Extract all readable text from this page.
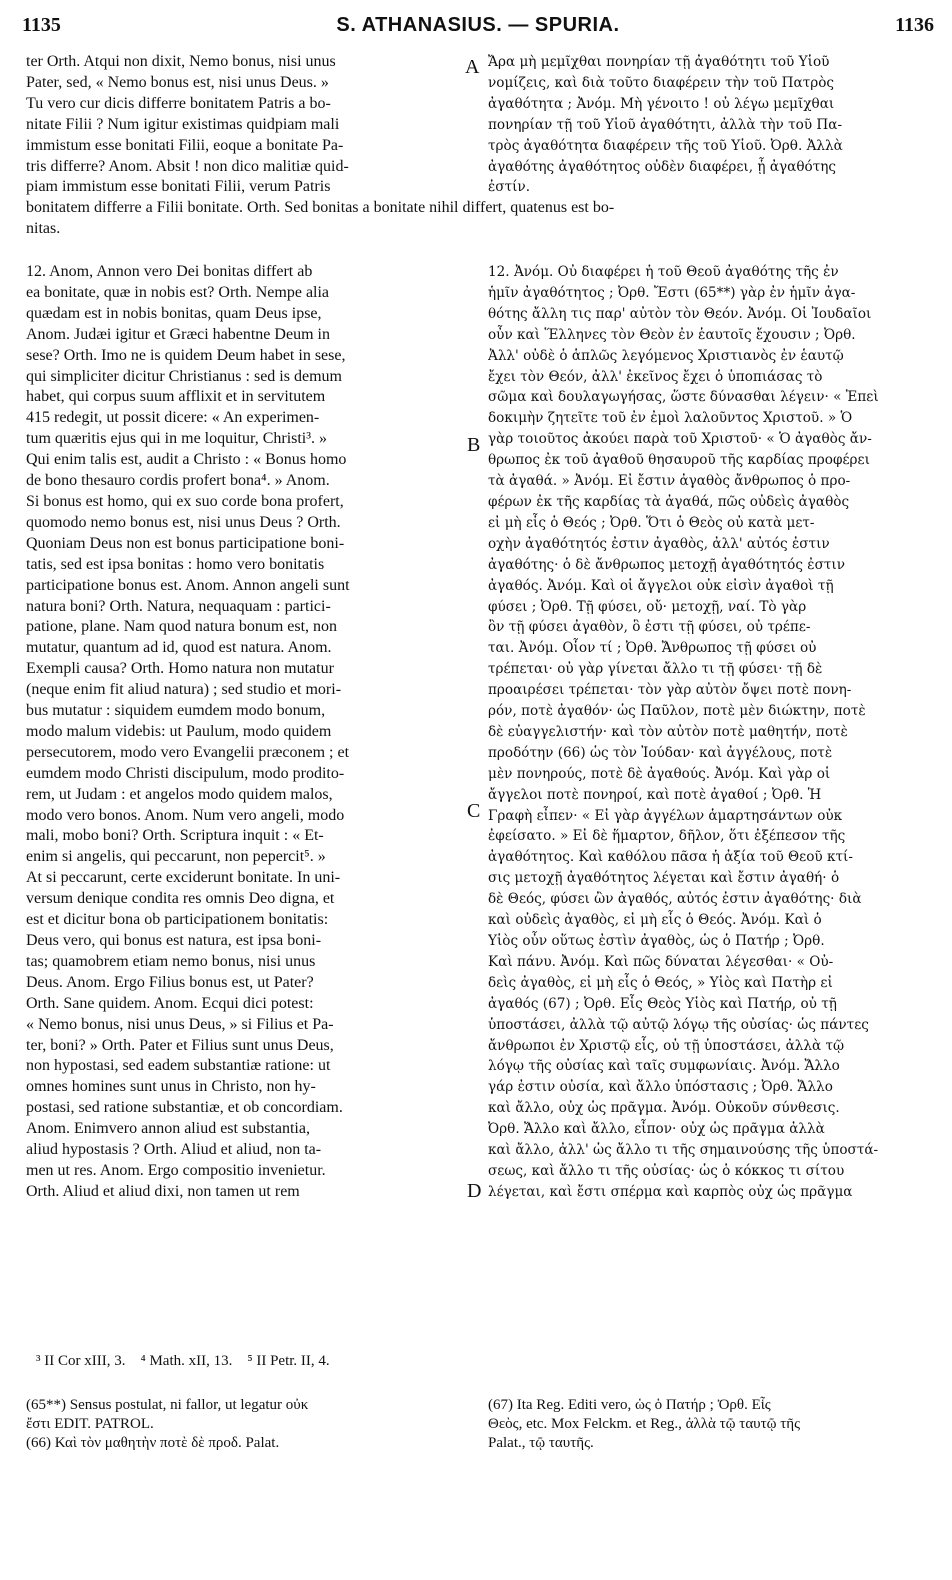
1135	S. ATHANASIUS. — SPURIA.	1136
ter Orth. Atqui non dixit, Nemo bonus, nisi unus
Pater, sed, « Nemo bonus est, nisi unus Deus. »
Tu vero cur dicis differre bonitatem Patris a bo-
nitate Filii ? Num igitur existimas quidpiam mali
immistum esse bonitati Filii, eoque a bonitate Pa-
tris differre? Anom. Absit ! non dico malitiæ quid-
piam immistum esse bonitati Filii, verum Patris
Ἄρα μὴ μεμῖχθαι πονηρίαν τῇ ἀγαθότητι τοῦ Υἱοῦ
νομίζεις, καὶ διὰ τοῦτο διαφέρειν τὴν τοῦ Πατρὸς
ἀγαθότητα ; Ἀνόμ. Μὴ γένοιτο ! οὐ λέγω μεμῖχθαι
πονηρίαν τῇ τοῦ Υἱοῦ ἀγαθότητι, ἀλλὰ τὴν τοῦ Πα-
τρὸς ἀγαθότητα διαφέρειν τῆς τοῦ Υἱοῦ. Ὀρθ. Ἀλλὰ
ἀγαθότης ἀγαθότητος οὐδὲν διαφέρει, ᾗ ἀγαθότης
ἐστίν.
bonitatem differre a Filii bonitate. Orth. Sed bonitas a bonitate nihil differt, quatenus est bo-
nitas.
12. Anom, Annon vero Dei bonitas differt ab
ea bonitate, quæ in nobis est? Orth. Nempe alia
quædam est in nobis bonitas, quam Deus ipse,
Anom. Judæi igitur et Græci habentne Deum in
sese? Orth. Imo ne is quidem Deum habet in sese,
qui simpliciter dicitur Christianus : sed is demum
habet, qui corpus suum afflixit et in servitutem
415 redegit, ut possit dicere: « An experimen-
tum quæritis ejus qui in me loquitur, Christi³. »
Qui enim talis est, audit a Christo : « Bonus homo
de bono thesauro cordis profert bona⁴. » Anom.
Si bonus est homo, qui ex suo corde bona profert,
quomodo nemo bonus est, nisi unus Deus ? Orth.
Quoniam Deus non est bonus participatione boni-
tatis, sed est ipsa bonitas : homo vero bonitatis
participatione bonus est. Anom. Annon angeli sunt
natura boni? Orth. Natura, nequaquam : partici-
patione, plane. Nam quod natura bonum est, non
mutatur, quantum ad id, quod est natura. Anom.
Exempli causa? Orth. Homo natura non mutatur
(neque enim fit aliud natura) ; sed studio et mori-
bus mutatur : siquidem eumdem modo bonum,
modo malum videbis: ut Paulum, modo quidem
persecutorem, modo vero Evangelii præconem ; et
eumdem modo Christi discipulum, modo prodito-
rem, ut Judam : et angelos modo quidem malos,
modo vero bonos. Anom. Num vero angeli, modo
mali, mobo boni? Orth. Scriptura inquit : « Et-
enim si angelis, qui peccarunt, non pepercit⁵. »
At si peccarunt, certe exciderunt bonitate. In uni-
versum denique condita res omnis Deo digna, et
est et dicitur bona ob participationem bonitatis:
Deus vero, qui bonus est natura, est ipsa boni-
tas; quamobrem etiam nemo bonus, nisi unus
Deus. Anom. Ergo Filius bonus est, ut Pater?
Orth. Sane quidem. Anom. Ecqui dici potest:
« Nemo bonus, nisi unus Deus, » si Filius et Pa-
ter, boni? » Orth. Pater et Filius sunt unus Deus,
non hypostasi, sed eadem substantiæ ratione: ut
omnes homines sunt unus in Christo, non hy-
postasi, sed ratione substantiæ, et ob concordiam.
Anom. Enimvero annon aliud est substantia,
aliud hypostasis ? Orth. Aliud et aliud, non ta-
men ut res. Anom. Ergo compositio invenietur.
Orth. Aliud et aliud dixi, non tamen ut rem
12. Ἀνόμ. Οὐ διαφέρει ἡ τοῦ Θεοῦ ἀγαθότης τῆς ἐν
ἡμῖν ἀγαθότητος ; Ὀρθ. Ἔστι (65**) γὰρ ἐν ἡμῖν ἀγα-
θότης ἄλλη τις παρ' αὐτὸν τὸν Θεόν. Ἀνόμ. Οἱ Ἰουδαῖοι
οὖν καὶ Ἕλληνες τὸν Θεὸν ἐν ἑαυτοῖς ἔχουσιν ; Ὀρθ.
Ἀλλ' οὐδὲ ὁ ἁπλῶς λεγόμενος Χριστιανὸς ἐν ἑαυτῷ
ἔχει τὸν Θεόν, ἀλλ' ἐκεῖνος ἔχει ὁ ὑποπιάσας τὸ
σῶμα καὶ δουλαγωγήσας, ὥστε δύνασθαι λέγειν· « Ἐπεὶ
δοκιμὴν ζητεῖτε τοῦ ἐν ἐμοὶ λαλοῦντος Χριστοῦ. » Ὁ
γὰρ τοιοῦτος ἀκούει παρὰ τοῦ Χριστοῦ· « Ὁ ἀγαθὸς ἄν-
θρωπος ἐκ τοῦ ἀγαθοῦ θησαυροῦ τῆς καρδίας προφέρει
τὰ ἀγαθά. » Ἀνόμ. Εἰ ἔστιν ἀγαθὸς ἄνθρωπος ὁ προ-
φέρων ἐκ τῆς καρδίας τὰ ἀγαθά, πῶς οὐδεὶς ἀγαθὸς
εἰ μὴ εἷς ὁ Θεός ; Ὀρθ. Ὅτι ὁ Θεὸς οὐ κατὰ μετ-
οχὴν ἀγαθότητός ἐστιν ἀγαθὸς, ἀλλ' αὐτός ἐστιν
ἀγαθότης· ὁ δὲ ἄνθρωπος μετοχῇ ἀγαθότητός ἐστιν
ἀγαθός. Ἀνόμ. Καὶ οἱ ἄγγελοι οὐκ εἰσὶν ἀγαθοὶ τῇ
φύσει ; Ὀρθ. Τῇ φύσει, οὔ· μετοχῇ, ναί. Τὸ γὰρ
ὂν τῇ φύσει ἀγαθὸν, ὃ ἐστι τῇ φύσει, οὐ τρέπε-
ται. Ἀνόμ. Οἷον τί ; Ὀρθ. Ἄνθρωπος τῇ φύσει οὐ
τρέπεται· οὐ γὰρ γίνεται ἄλλο τι τῇ φύσει· τῇ δὲ
προαιρέσει τρέπεται· τὸν γὰρ αὐτὸν ὄψει ποτὲ πονη-
ρόν, ποτὲ ἀγαθόν· ὡς Παῦλον, ποτὲ μὲν διώκτην, ποτὲ
δὲ εὐαγγελιστήν· καὶ τὸν αὐτὸν ποτὲ μαθητήν, ποτὲ
προδότην (66) ὡς τὸν Ἰούδαν· καὶ ἀγγέλους, ποτὲ
μὲν πονηρούς, ποτὲ δὲ ἀγαθούς. Ἀνόμ. Καὶ γὰρ οἱ
ἄγγελοι ποτὲ πονηροί, καὶ ποτὲ ἀγαθοί ; Ὀρθ. Ἡ
Γραφὴ εἶπεν· « Εἰ γὰρ ἀγγέλων ἁμαρτησάντων οὐκ
ἐφείσατο. » Εἰ δὲ ἥμαρτον, δῆλον, ὅτι ἐξέπεσον τῆς
ἀγαθότητος. Καὶ καθόλου πᾶσα ἡ ἀξία τοῦ Θεοῦ κτί-
σις μετοχῇ ἀγαθότητος λέγεται καὶ ἔστιν ἀγαθή· ὁ
δὲ Θεός, φύσει ὢν ἀγαθός, αὐτός ἐστιν ἀγαθότης· διὰ
καὶ οὐδεὶς ἀγαθὸς, εἰ μὴ εἷς ὁ Θεός. Ἀνόμ. Καὶ ὁ
Υἱὸς οὖν οὕτως ἐστὶν ἀγαθὸς, ὡς ὁ Πατήρ ; Ὀρθ.
Καὶ πάνυ. Ἀνόμ. Καὶ πῶς δύναται λέγεσθαι· « Οὐ-
δεὶς ἀγαθὸς, εἰ μὴ εἷς ὁ Θεός, » Υἱὸς καὶ Πατὴρ εἰ
ἀγαθός (67) ; Ὀρθ. Εἷς Θεὸς Υἱὸς καὶ Πατήρ, οὐ τῇ
ὑποστάσει, ἀλλὰ τῷ αὐτῷ λόγῳ τῆς οὐσίας· ὡς πάντες
ἄνθρωποι ἐν Χριστῷ εἷς, οὐ τῇ ὑποστάσει, ἀλλὰ τῷ
λόγῳ τῆς οὐσίας καὶ ταῖς συμφωνίαις. Ἀνόμ. Ἄλλο
γάρ ἐστιν οὐσία, καὶ ἄλλο ὑπόστασις ; Ὀρθ. Ἄλλο
καὶ ἄλλο, οὐχ ὡς πρᾶγμα. Ἀνόμ. Οὐκοῦν σύνθεσις.
Ὀρθ. Ἄλλο καὶ ἄλλο, εἶπον· οὐχ ὡς πρᾶγμα ἀλλὰ
καὶ ἄλλο, ἀλλ' ὡς ἄλλο τι τῆς σημαινούσης τῆς ὑποστά-
σεως, καὶ ἄλλο τι τῆς οὐσίας· ὡς ὁ κόκκος τι σίτου
λέγεται, καὶ ἔστι σπέρμα καὶ καρπὸς οὐχ ὡς πρᾶγμα
A
B
C
D
³ II Cor xIII, 3.    ⁴ Math. xII, 13.    ⁵ II Petr. II, 4.
(65**) Sensus postulat, ni fallor, ut legatur οὐκ
ἔστι EDIT. PATROL.
(66) Καὶ τὸν μαθητὴν ποτὲ δὲ προδ. Palat.
(67) Ita Reg. Editi vero, ὡς ὁ Πατήρ ; Ὀρθ. Εἷς
Θεὸς, etc. Mox Felckm. et Reg., ἀλλὰ τῷ ταυτῷ τῆς
Palat., τῷ ταυτῆς.
